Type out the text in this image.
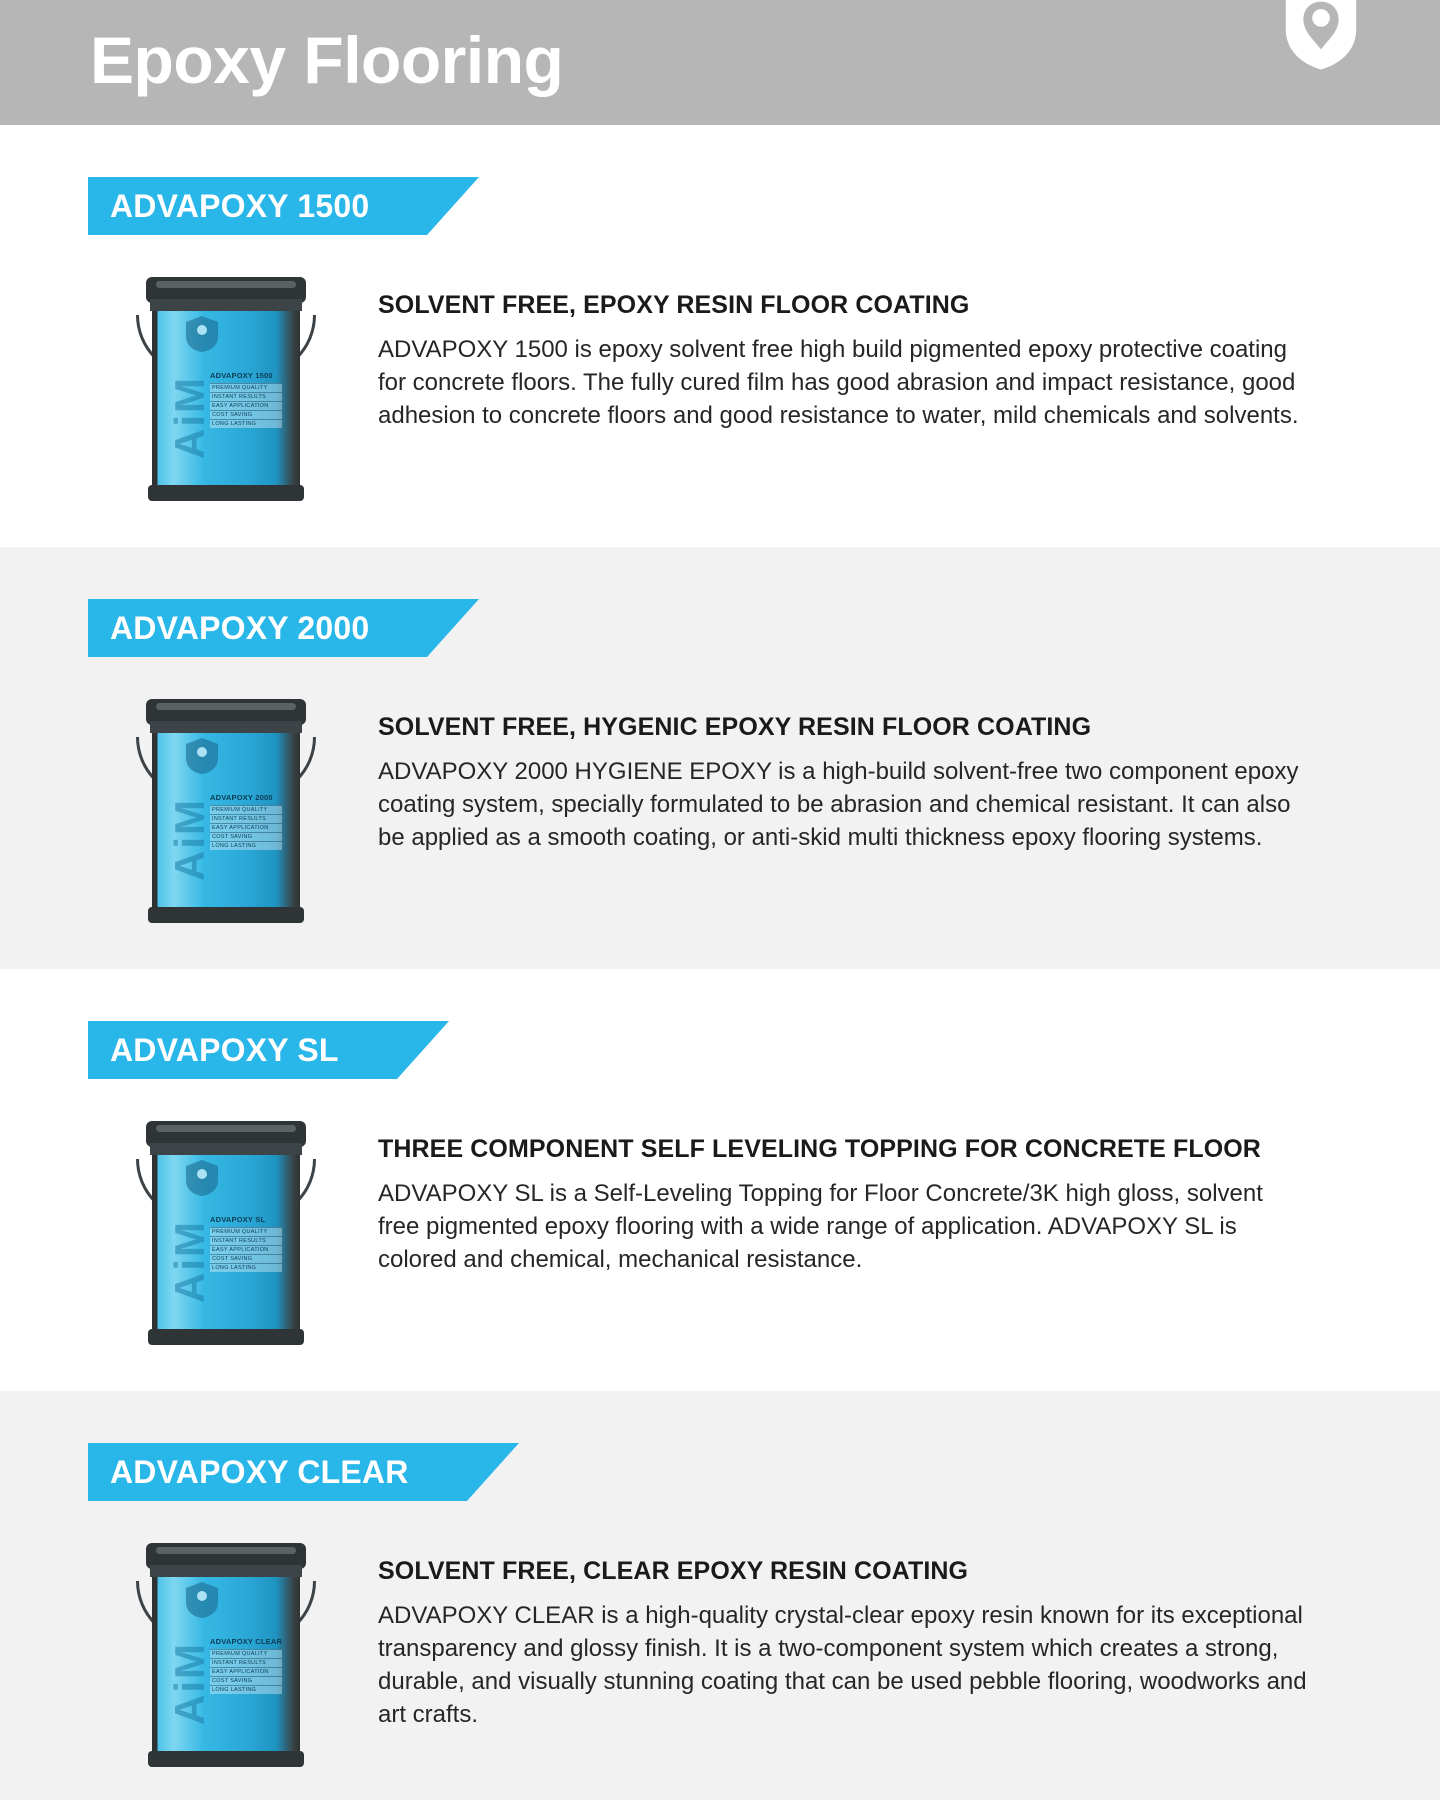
Epoxy Flooring
ADVAPOXY 1500
AiM
ADVAPOXY 1500
PREMIUM QUALITY
INSTANT RESULTS
EASY APPLICATION
COST SAVING
LONG LASTING
SOLVENT FREE, EPOXY RESIN FLOOR COATING
ADVAPOXY 1500 is epoxy solvent free high build pigmented epoxy protective coating for concrete floors. The fully cured film has good abrasion and impact resistance, good adhesion to concrete floors and good resistance to water, mild chemicals and solvents.
ADVAPOXY 2000
AiM
ADVAPOXY 2000
PREMIUM QUALITY
INSTANT RESULTS
EASY APPLICATION
COST SAVING
LONG LASTING
SOLVENT FREE, HYGENIC EPOXY RESIN FLOOR COATING
ADVAPOXY 2000 HYGIENE EPOXY is a high-build solvent-free two component epoxy coating system, specially formulated to be abrasion and chemical resistant. It can also be applied as a smooth coating, or anti-skid multi thickness epoxy flooring systems.
ADVAPOXY SL
AiM
ADVAPOXY SL
PREMIUM QUALITY
INSTANT RESULTS
EASY APPLICATION
COST SAVING
LONG LASTING
THREE COMPONENT SELF LEVELING TOPPING FOR CONCRETE FLOOR
ADVAPOXY SL is a Self-Leveling Topping for Floor Concrete/3K high gloss, solvent free pigmented epoxy flooring with a wide range of application. ADVAPOXY SL is colored and chemical, mechanical resistance.
ADVAPOXY CLEAR
AiM
ADVAPOXY CLEAR
PREMIUM QUALITY
INSTANT RESULTS
EASY APPLICATION
COST SAVING
LONG LASTING
SOLVENT FREE, CLEAR EPOXY RESIN COATING
ADVAPOXY CLEAR is a high-quality crystal-clear epoxy resin known for its exceptional transparency and glossy finish. It is a two-component system which creates a strong, durable, and visually stunning coating that can be used pebble flooring, woodworks and art crafts.
